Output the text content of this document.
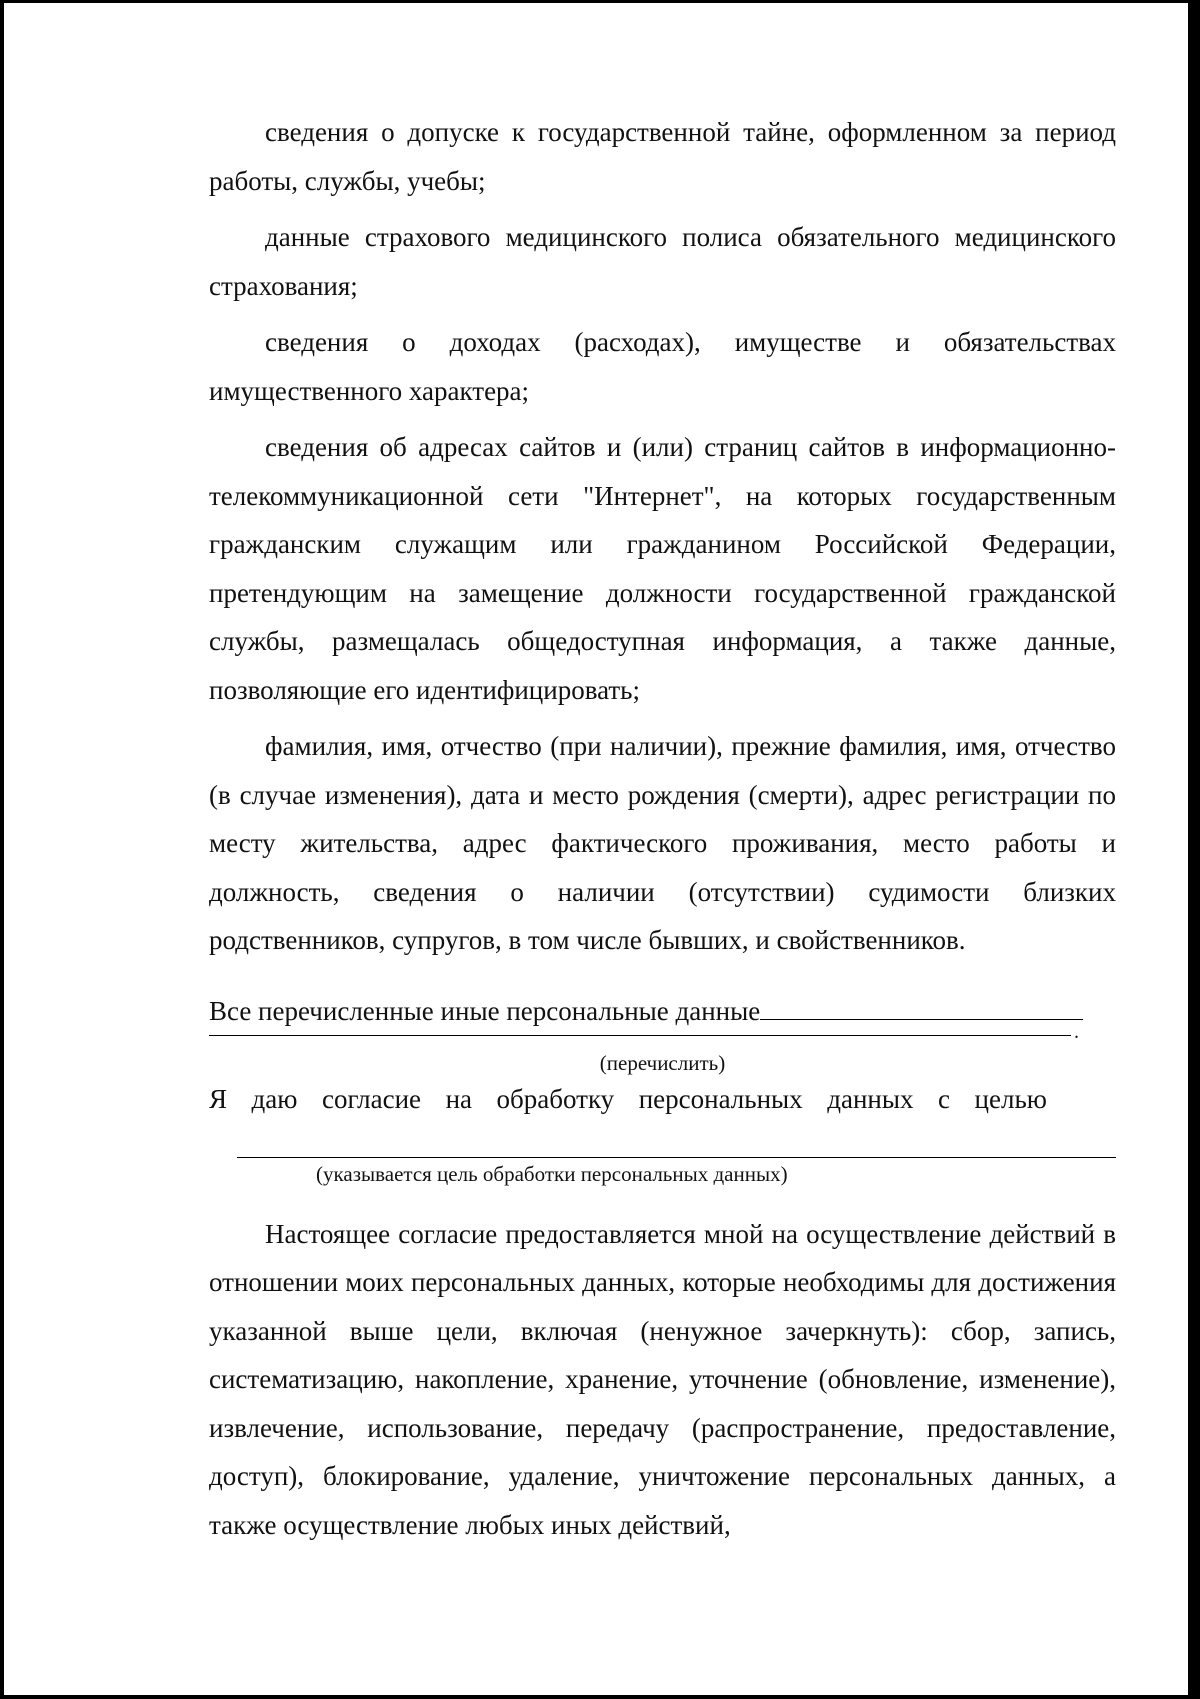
сведения о допуске к государственной тайне, оформленном за период работы, службы, учебы;

данные страхового медицинского полиса обязательного медицинского страхования;

сведения о доходах (расходах), имуществе и обязательствах имущественного характера;

сведения об адресах сайтов и (или) страниц сайтов в информационно-телекоммуникационной сети "Интернет", на которых государственным гражданским служащим или гражданином Российской Федерации, претендующим на замещение должности государственной гражданской службы, размещалась общедоступная информация, а также данные, позволяющие его идентифицировать;

фамилия, имя, отчество (при наличии), прежние фамилия, имя, отчество (в случае изменения), дата и место рождения (смерти), адрес регистрации по месту жительства, адрес фактического проживания, место работы и должность, сведения о наличии (отсутствии) судимости близких родственников, супругов, в том числе бывших, и свойственников.

Все перечисленные иные персональные данные
.
(перечислить)
Я даю согласие на обработку персональных данных с целью
(указывается цель обработки персональных данных)

Настоящее согласие предоставляется мной на осуществление действий в отношении моих персональных данных, которые необходимы для достижения указанной выше цели, включая (ненужное зачеркнуть): сбор, запись, систематизацию, накопление, хранение, уточнение (обновление, изменение), извлечение, использование, передачу (распространение, предоставление, доступ), блокирование, удаление, уничтожение персональных данных, а также осуществление любых иных действий,
